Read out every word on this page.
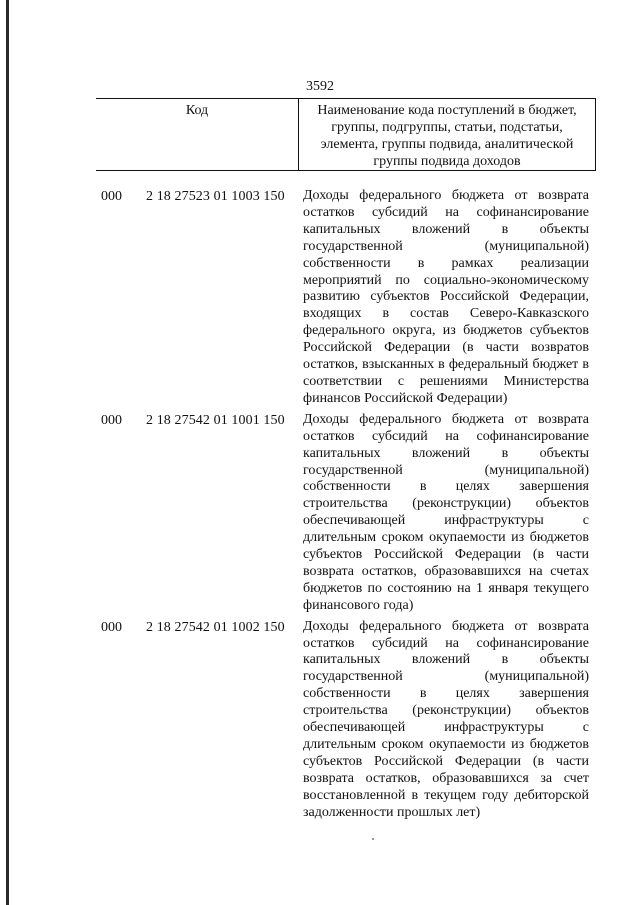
3592
Код	Наименование кода поступлений в бюджет, группы, подгруппы, статьи, подстатьи, элемента, группы подвида, аналитической группы подвида доходов
000 2 18 27523 01 1003 150 Доходы федерального бюджета от возврата остатков субсидий на софинансирование капитальных вложений в объекты государственной (муниципальной) собственности в рамках реализации мероприятий по социально-экономическому развитию субъектов Российской Федерации, входящих в состав Северо-Кавказского федерального округа, из бюджетов субъектов Российской Федерации (в части возвратов остатков, взысканных в федеральный бюджет в соответствии с решениями Министерства финансов Российской Федерации)
000 2 18 27542 01 1001 150 Доходы федерального бюджета от возврата остатков субсидий на софинансирование капитальных вложений в объекты государственной (муниципальной) собственности в целях завершения строительства (реконструкции) объектов обеспечивающей инфраструктуры с длительным сроком окупаемости из бюджетов субъектов Российской Федерации (в части возврата остатков, образовавшихся на счетах бюджетов по состоянию на 1 января текущего финансового года)
000 2 18 27542 01 1002 150 Доходы федерального бюджета от возврата остатков субсидий на софинансирование капитальных вложений в объекты государственной (муниципальной) собственности в целях завершения строительства (реконструкции) объектов обеспечивающей инфраструктуры с длительным сроком окупаемости из бюджетов субъектов Российской Федерации (в части возврата остатков, образовавшихся за счет восстановленной в текущем году дебиторской задолженности прошлых лет)
